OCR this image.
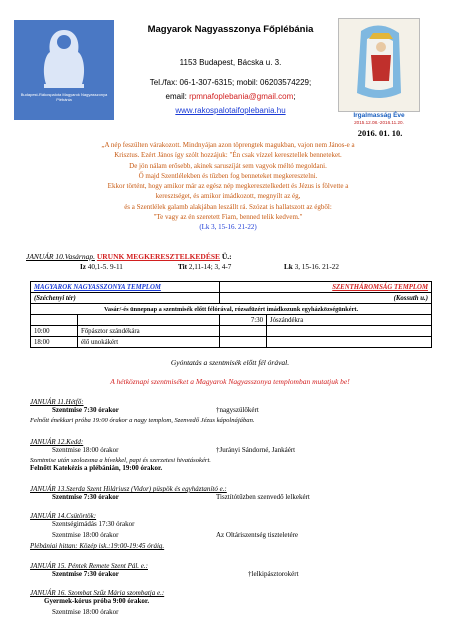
Budapest-Rákospalota Magyarok Nagyasszonya Plébánia
Magyarok Nagyasszonya Főplébánia
1153 Budapest, Bácska u. 3.
Tel./fax: 06-1-307-6315; mobil: 06203574229;
email: rpmnafoplebania@gmail.com;
www.rakospalotaifoplebania.hu
Irgalmasság Éve
2015.12.08.-2016.11.20.
2016. 01. 10.
„A nép feszülten várakozott. Mindnyájan azon töprengtek magukban, vajon nem János-e a
Krisztus. Ezért János így szólt hozzájuk: "Én csak vízzel keresztellek benneteket.
De jön nálam erősebb, akinek saruszíját sem vagyok méltó megoldani.
Ő majd Szentlélekben és tűzben fog benneteket megkeresztelni.
Ekkor történt, hogy amikor már az egész nép megkeresztelkedett és Jézus is fölvette a
keresztséget, és amikor imádkozott, megnyílt az ég,
és a Szentlélek galamb alakjában leszállt rá. Szózat is hallatszott az égből:
"Te vagy az én szeretett Fiam, benned telik kedvem."
(Lk 3, 15-16. 21-22)
JANUÁR 10.Vasárnap. URUNK MEGKERESZTELKEDÉSE Ü.:
Iz 40,1-5. 9-11	Tit 2,11-14; 3, 4-7	Lk 3, 15-16. 21-22
MAGYAROK NAGYASSZONYA TEMPLOM		SZENTHÁROMSÁG TEMPLOM	
(Széchenyi tér)		(Kossuth u.)	
Vasár/-és ünnepnap a szentmisék előtt félórával, rózsafüzért imádkozunk egyházközségünkért.			
		7:30	Jószándékra
10:00	Főpásztor szándékára		
18:00	élő unokákért		
Gyóntatás a szentmisék előtt fél órával.
A hétköznapi szentmiséket a Magyarok Nagyasszonya templomban mutatjuk be!
JANUÁR 11.Hétfő:
Szentmise 7:30 órakor	†nagyszülőkért
Felnőtt énekkari próba 19:00 órakor a nagy templom, Szenvedő Jézus kápolnájában.
JANUÁR 12.Kedd:
Szentmise 18:00 órakor	†Jurányi Sándorné, Jankáért
Szentmise után szolozsma a hívekkel, papi és szerzetesi hivatásokért.
Felnőtt Katekézis a plébánián, 19:00 órakor.
JANUÁR 13.Szerda Szent Hiláriusz (Vidor) püspök és egyháztanító e.:
Szentmise 7:30 órakor	Tisztítótűzben szenvedő lelkekért
JANUÁR 14.Csütörtök:
Szentségimádás 17:30 órakor
Szentmise 18:00 órakor	Az Oltáriszentség tiszteletére
Plébániai hittan: Közép isk.:19:00-19:45 óráig.
JANUÁR 15. Péntek Remete Szent Pál. e.:
Szentmise 7:30 órakor	†lelkipásztorokért
JANUÁR 16. Szombat Szűz Mária szombatja e.:
Gyermek-kórus próba 9:00 órakor.
Szentmise 18:00 órakor
